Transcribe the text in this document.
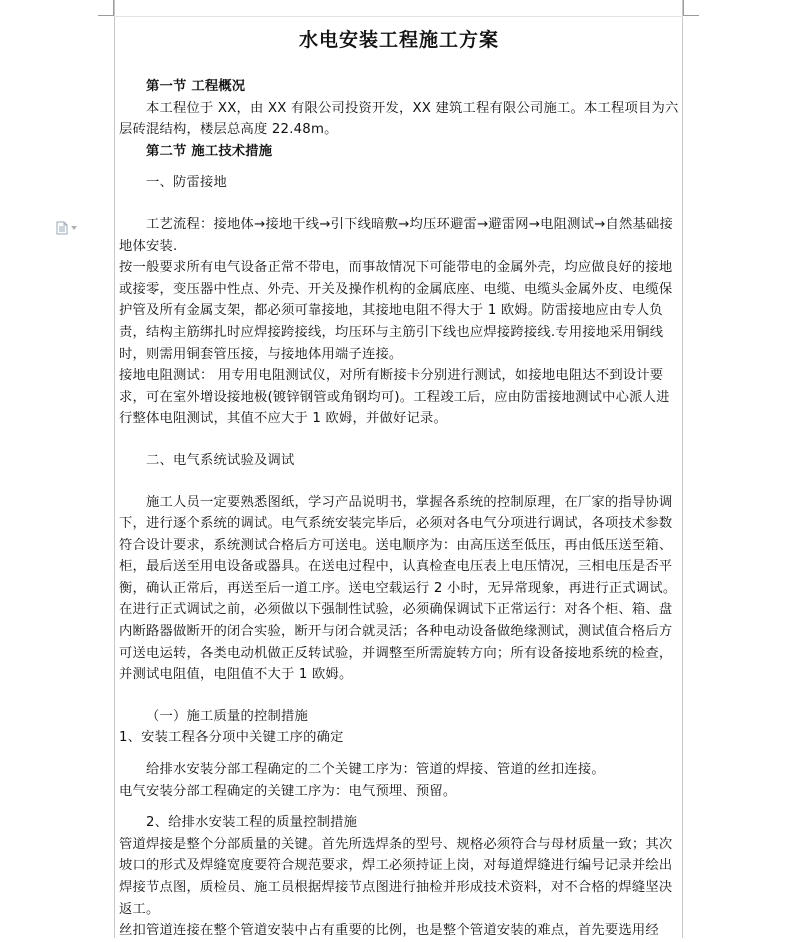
水电安装工程施工方案

第一节 工程概况

本工程位于 XX，由 XX 有限公司投资开发，XX 建筑工程有限公司施工。本工程项目为六层砖混结构，楼层总高度 22.48m。

第二节 施工技术措施

一、防雷接地

工艺流程：接地体→接地干线→引下线暗敷→均压环避雷→避雷网→电阻测试→自然基础接地体安装.

按一般要求所有电气设备正常不带电，而事故情况下可能带电的金属外壳，均应做良好的接地或接零，变压器中性点、外壳、开关及操作机构的金属底座、电缆、电缆头金属外皮、电缆保护管及所有金属支架，都必须可靠接地，其接地电阻不得大于 1 欧姆。防雷接地应由专人负责，结构主筋绑扎时应焊接跨接线，均压环与主筋引下线也应焊接跨接线.专用接地采用铜线时，则需用铜套管压接，与接地体用端子连接。

接地电阻测试： 用专用电阻测试仪，对所有断接卡分别进行测试，如接地电阻达不到设计要求，可在室外增设接地极(镀锌钢管或角钢均可)。工程竣工后，应由防雷接地测试中心派人进行整体电阻测试，其值不应大于 1 欧姆，并做好记录。

二、电气系统试验及调试

施工人员一定要熟悉图纸，学习产品说明书，掌握各系统的控制原理，在厂家的指导协调下，进行逐个系统的调试。电气系统安装完毕后，必须对各电气分项进行调试，各项技术参数符合设计要求，系统测试合格后方可送电。送电顺序为：由高压送至低压，再由低压送至箱、柜，最后送至用电设备或器具。在送电过程中，认真检查电压表上电压情况，三相电压是否平衡，确认正常后，再送至后一道工序。送电空载运行 2 小时，无异常现象，再进行正式调试。在进行正式调试之前，必须做以下强制性试验，必须确保调试下正常运行：对各个柜、箱、盘内断路器做断开的闭合实验，断开与闭合就灵活；各种电动设备做绝缘测试，测试值合格后方可送电运转，各类电动机做正反转试验，并调整至所需旋转方向；所有设备接地系统的检查，并测试电阻值，电阻值不大于 1 欧姆。

（一）施工质量的控制措施

1、安装工程各分项中关键工序的确定

给排水安装分部工程确定的二个关键工序为：管道的焊接、管道的丝扣连接。

电气安装分部工程确定的关键工序为：电气预埋、预留。

2、给排水安装工程的质量控制措施

管道焊接是整个分部质量的关键。首先所选焊条的型号、规格必须符合与母材质量一致；其次坡口的形式及焊缝宽度要符合规范要求，焊工必须持证上岗，对每道焊缝进行编号记录并绘出焊接节点图，质检员、施工员根据焊接节点图进行抽检并形成技术资料，对不合格的焊缝坚决返工。

丝扣管道连接在整个管道安装中占有重要的比例，也是整个管道安装的难点，首先要选用经
